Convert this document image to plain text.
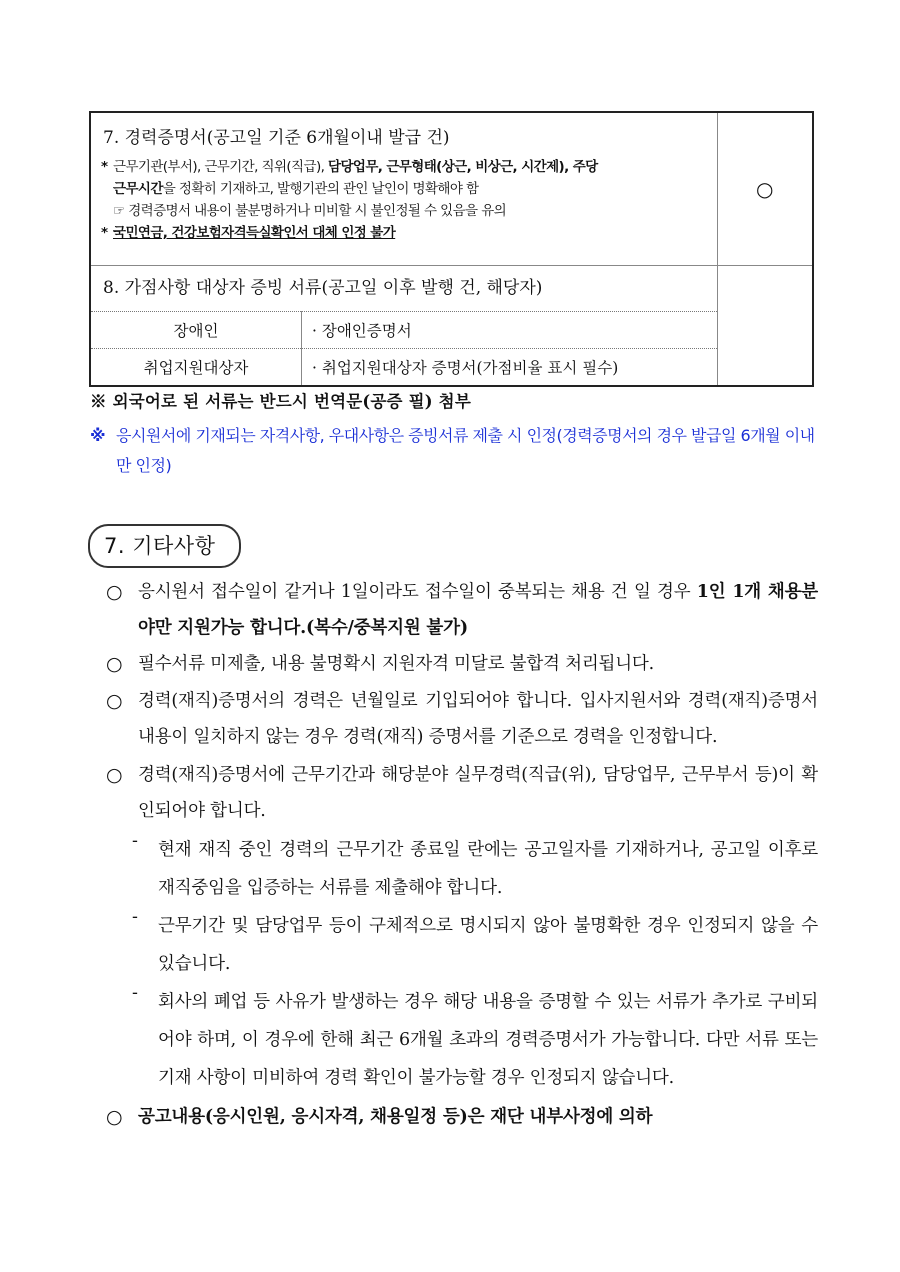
7. 경력증명서(공고일 기준 6개월이내 발급 건)
* 근무기관(부서), 근무기간, 직위(직급), 담당업무, 근무형태(상근, 비상근, 시간제), 주당
근무시간을 정확히 기재하고, 발행기관의 관인 날인이 명확해야 함
☞ 경력증명서 내용이 불분명하거나 미비할 시 불인정될 수 있음을 유의
* 국민연금, 건강보험자격득실확인서 대체 인정 불가
	○

8. 가점사항 대상자 증빙 서류(공고일 이후 발행 건, 해당자)
장애인	· 장애인증명서
취업지원대상자	· 취업지원대상자 증명서(가점비율 표시 필수)

※ 외국어로 된 서류는 반드시 번역문(공증 필) 첨부
※ 응시원서에 기재되는 자격사항, 우대사항은 증빙서류 제출 시 인정(경력증명서의 경우 발급일 6개월 이내만 인정)
7. 기타사항
○ 응시원서 접수일이 같거나 1일이라도 접수일이 중복되는 채용 건 일 경우 1인 1개 채용분야만 지원가능 합니다.(복수/중복지원 불가)

○ 필수서류 미제출, 내용 불명확시 지원자격 미달로 불합격 처리됩니다.

○ 경력(재직)증명서의 경력은 년월일로 기입되어야 합니다. 입사지원서와 경력(재직)증명서 내용이 일치하지 않는 경우 경력(재직) 증명서를 기준으로 경력을 인정합니다.

○ 경력(재직)증명서에 근무기간과 해당분야 실무경력(직급(위), 담당업무, 근무부서 등)이 확인되어야 합니다.

- 현재 재직 중인 경력의 근무기간 종료일 란에는 공고일자를 기재하거나, 공고일 이후로 재직중임을 입증하는 서류를 제출해야 합니다.

- 근무기간 및 담당업무 등이 구체적으로 명시되지 않아 불명확한 경우 인정되지 않을 수 있습니다.

- 회사의 폐업 등 사유가 발생하는 경우 해당 내용을 증명할 수 있는 서류가 추가로 구비되어야 하며, 이 경우에 한해 최근 6개월 초과의 경력증명서가 가능합니다. 다만 서류 또는 기재 사항이 미비하여 경력 확인이 불가능할 경우 인정되지 않습니다.

○ 공고내용(응시인원, 응시자격, 채용일정 등)은 재단 내부사정에 의하
